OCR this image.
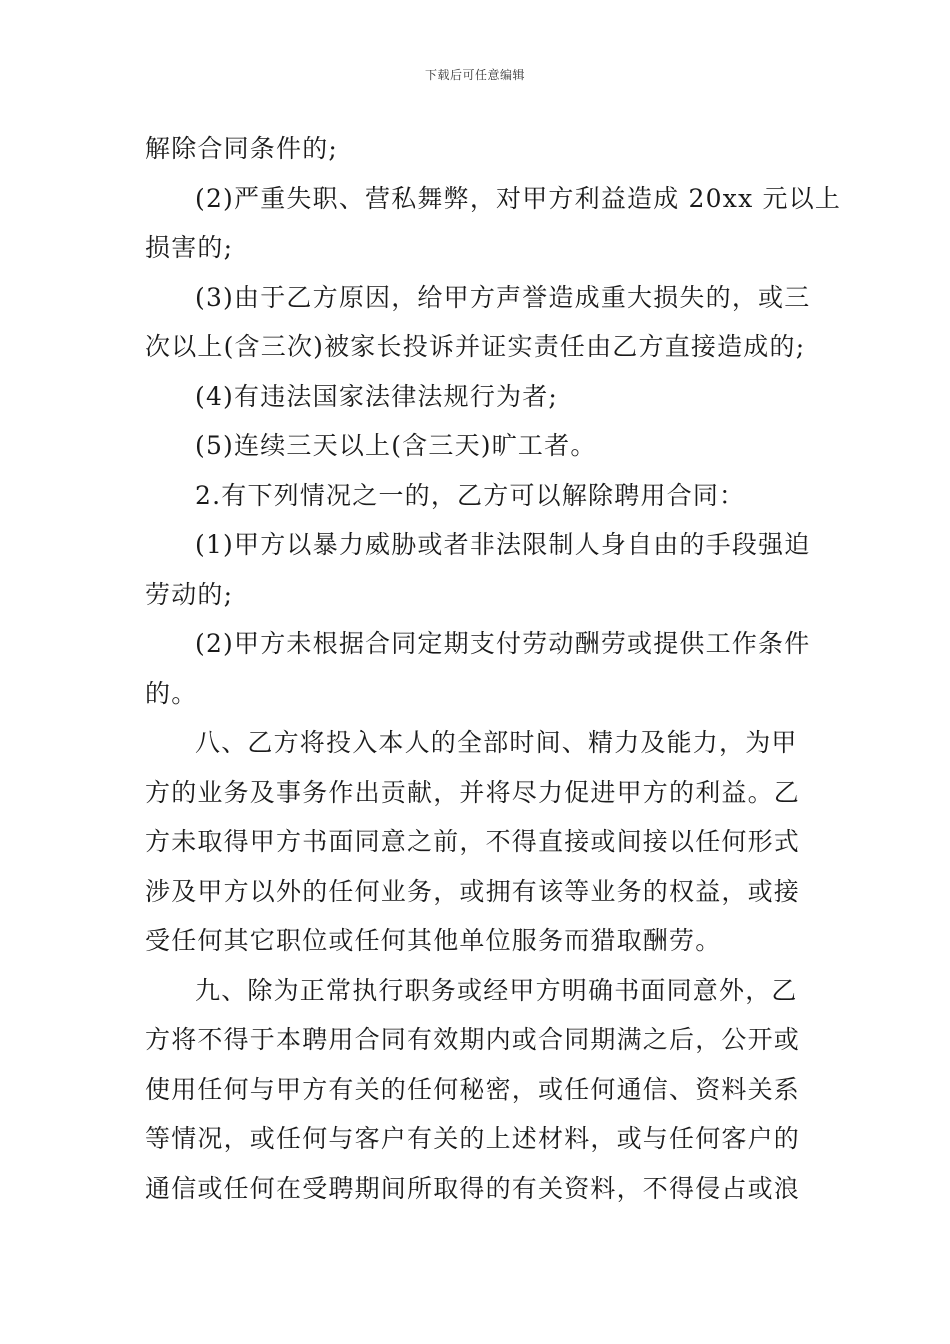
下载后可任意编辑

解除合同条件的;

(2)严重失职、营私舞弊，对甲方利益造成 20xx 元以上

损害的;

(3)由于乙方原因，给甲方声誉造成重大损失的，或三

次以上(含三次)被家长投诉并证实责任由乙方直接造成的;

(4)有违法国家法律法规行为者;

(5)连续三天以上(含三天)旷工者。

2.有下列情况之一的，乙方可以解除聘用合同：

(1)甲方以暴力威胁或者非法限制人身自由的手段强迫

劳动的;

(2)甲方未根据合同定期支付劳动酬劳或提供工作条件

的。

八、乙方将投入本人的全部时间、精力及能力，为甲

方的业务及事务作出贡献，并将尽力促进甲方的利益。乙

方未取得甲方书面同意之前，不得直接或间接以任何形式

涉及甲方以外的任何业务，或拥有该等业务的权益，或接

受任何其它职位或任何其他单位服务而猎取酬劳。

九、除为正常执行职务或经甲方明确书面同意外，乙

方将不得于本聘用合同有效期内或合同期满之后，公开或

使用任何与甲方有关的任何秘密，或任何通信、资料关系

等情况，或任何与客户有关的上述材料，或与任何客户的

通信或任何在受聘期间所取得的有关资料，不得侵占或浪
